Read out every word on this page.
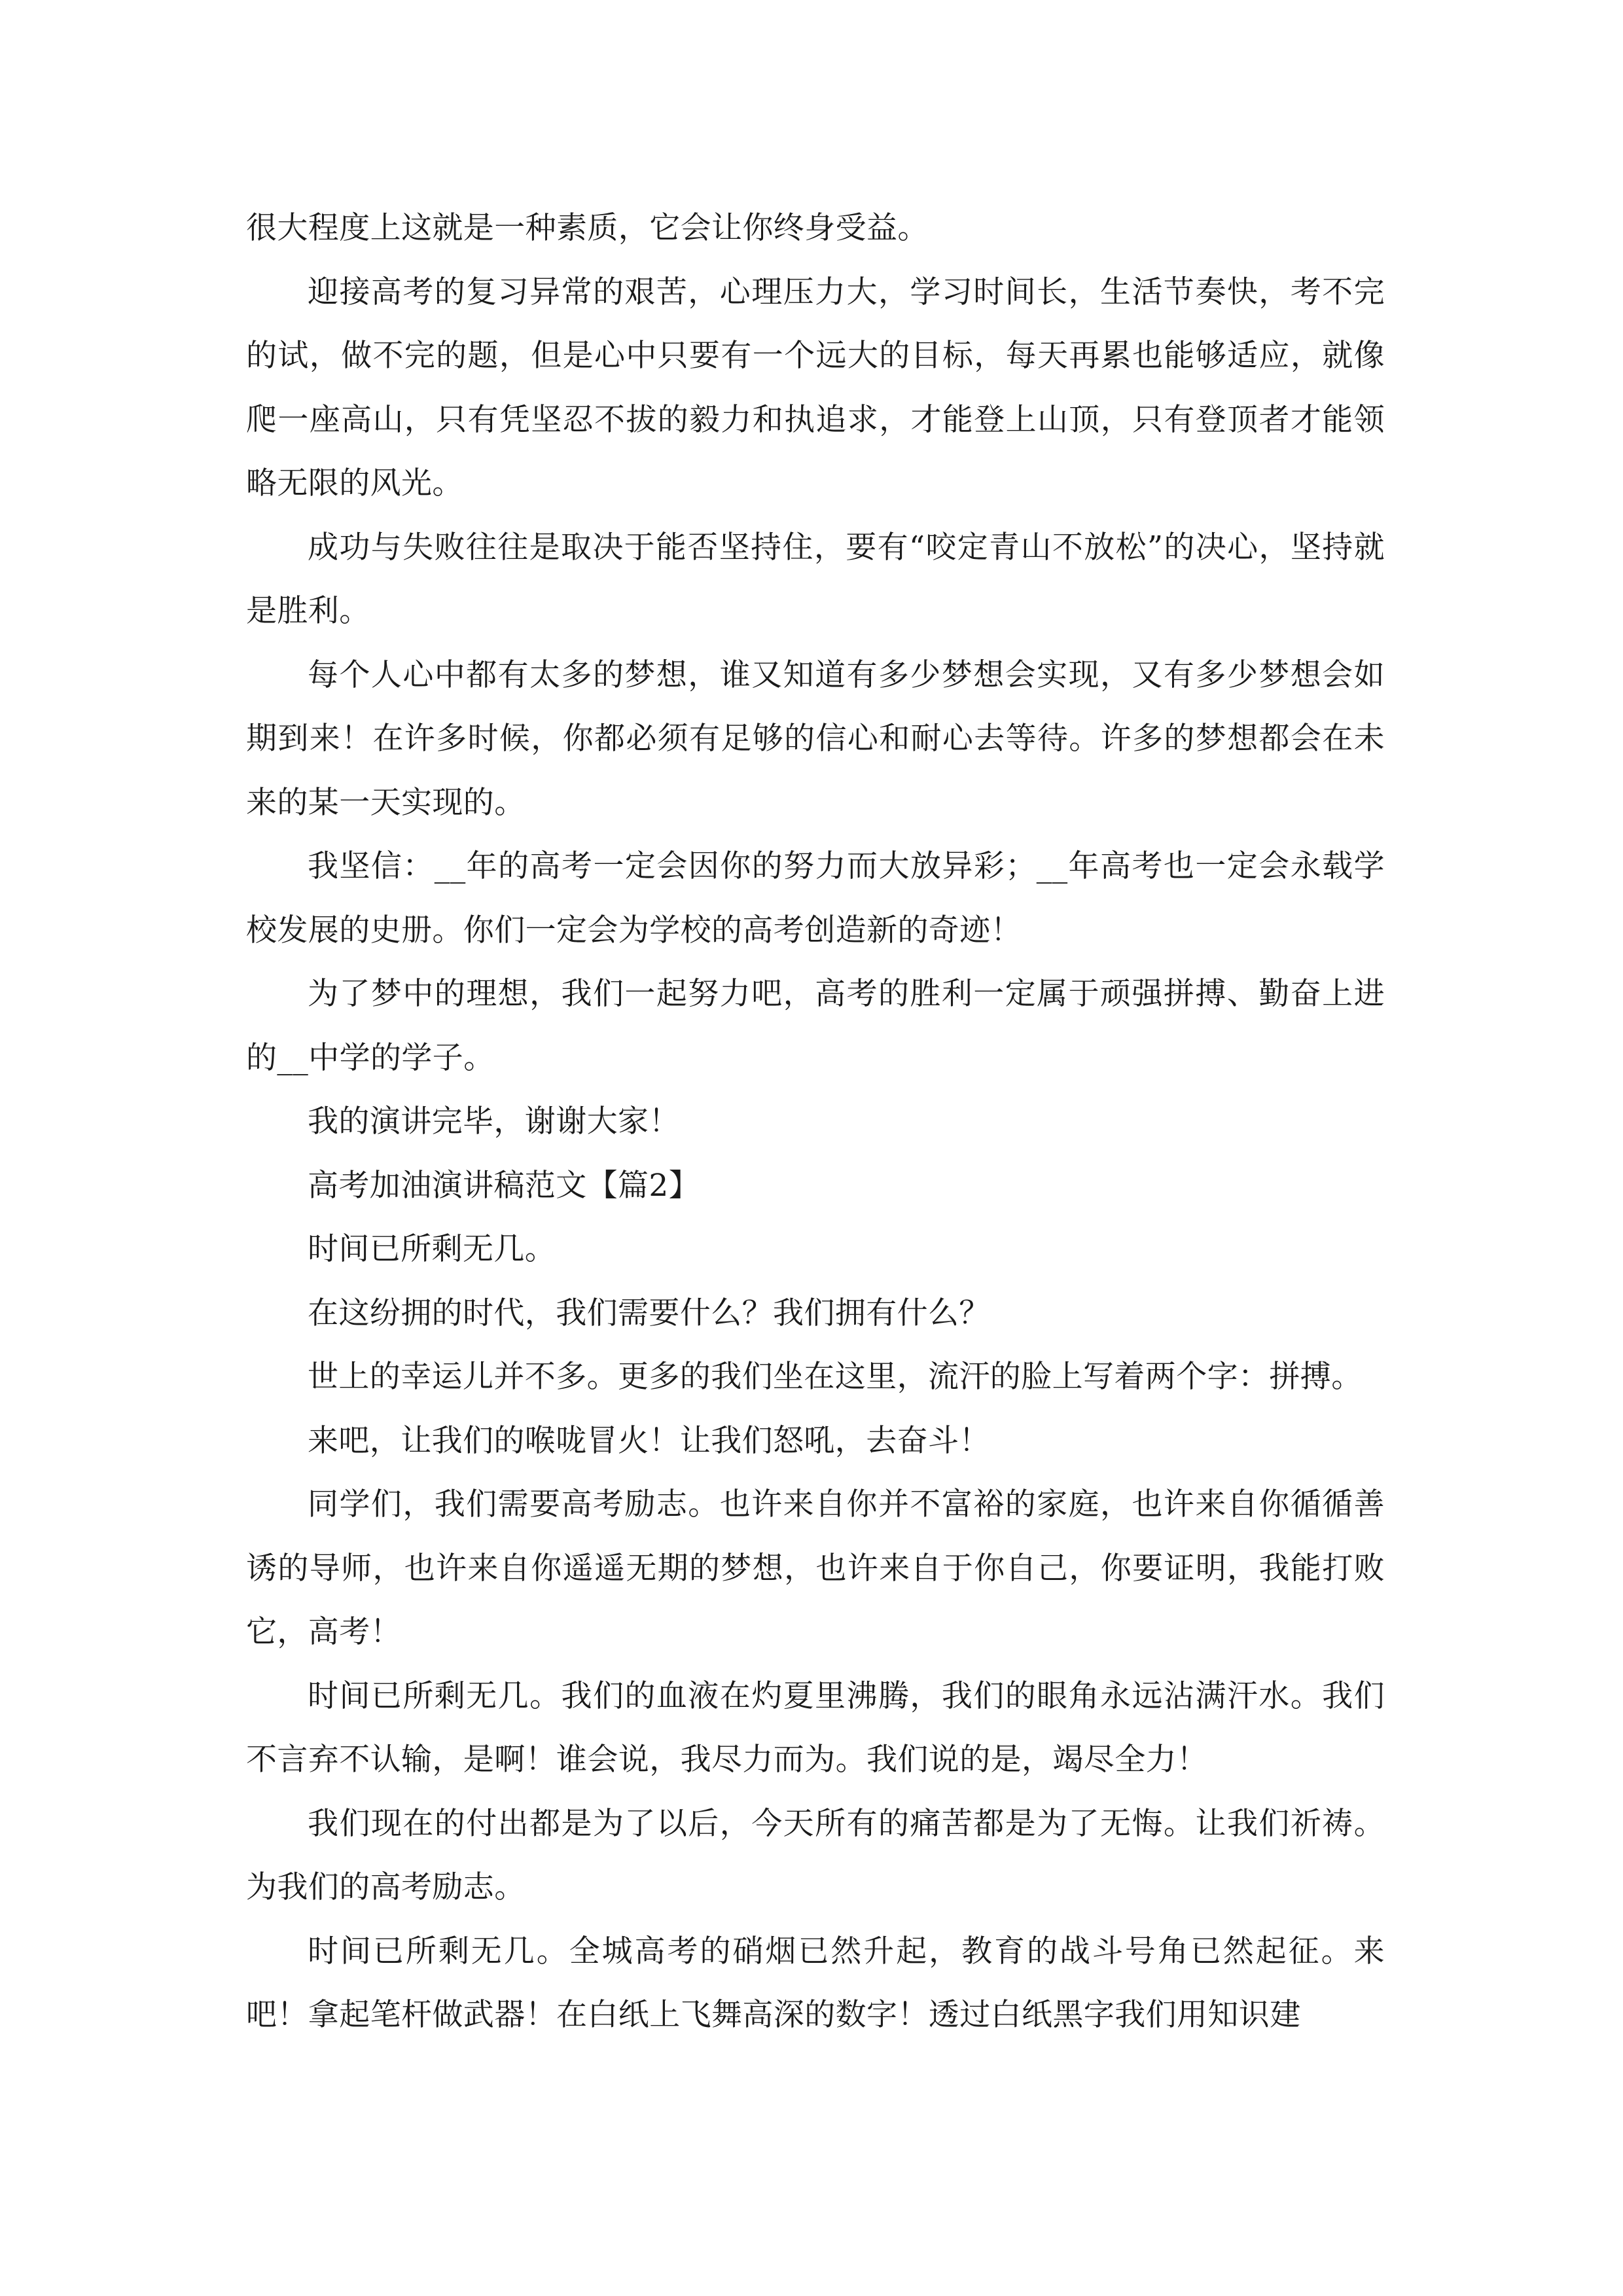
很大程度上这就是一种素质，它会让你终身受益。

迎接高考的复习异常的艰苦，心理压力大，学习时间长，生活节奏快，考不完的试，做不完的题，但是心中只要有一个远大的目标，每天再累也能够适应，就像爬一座高山，只有凭坚忍不拔的毅力和执追求，才能登上山顶，只有登顶者才能领略无限的风光。

成功与失败往往是取决于能否坚持住，要有“咬定青山不放松”的决心，坚持就是胜利。

每个人心中都有太多的梦想，谁又知道有多少梦想会实现，又有多少梦想会如期到来！在许多时候，你都必须有足够的信心和耐心去等待。许多的梦想都会在未来的某一天实现的。

我坚信：__年的高考一定会因你的努力而大放异彩；__年高考也一定会永载学校发展的史册。你们一定会为学校的高考创造新的奇迹！

为了梦中的理想，我们一起努力吧，高考的胜利一定属于顽强拼搏、勤奋上进的__中学的学子。

我的演讲完毕，谢谢大家！

高考加油演讲稿范文【篇2】

时间已所剩无几。

在这纷拥的时代，我们需要什么？我们拥有什么？

世上的幸运儿并不多。更多的我们坐在这里，流汗的脸上写着两个字：拼搏。

来吧，让我们的喉咙冒火！让我们怒吼，去奋斗！

同学们，我们需要高考励志。也许来自你并不富裕的家庭，也许来自你循循善诱的导师，也许来自你遥遥无期的梦想，也许来自于你自己，你要证明，我能打败它，高考！

时间已所剩无几。我们的血液在灼夏里沸腾，我们的眼角永远沾满汗水。我们不言弃不认输，是啊！谁会说，我尽力而为。我们说的是，竭尽全力！

我们现在的付出都是为了以后，今天所有的痛苦都是为了无悔。让我们祈祷。为我们的高考励志。

时间已所剩无几。全城高考的硝烟已然升起，教育的战斗号角已然起征。来吧！拿起笔杆做武器！在白纸上飞舞高深的数字！透过白纸黑字我们用知识建
